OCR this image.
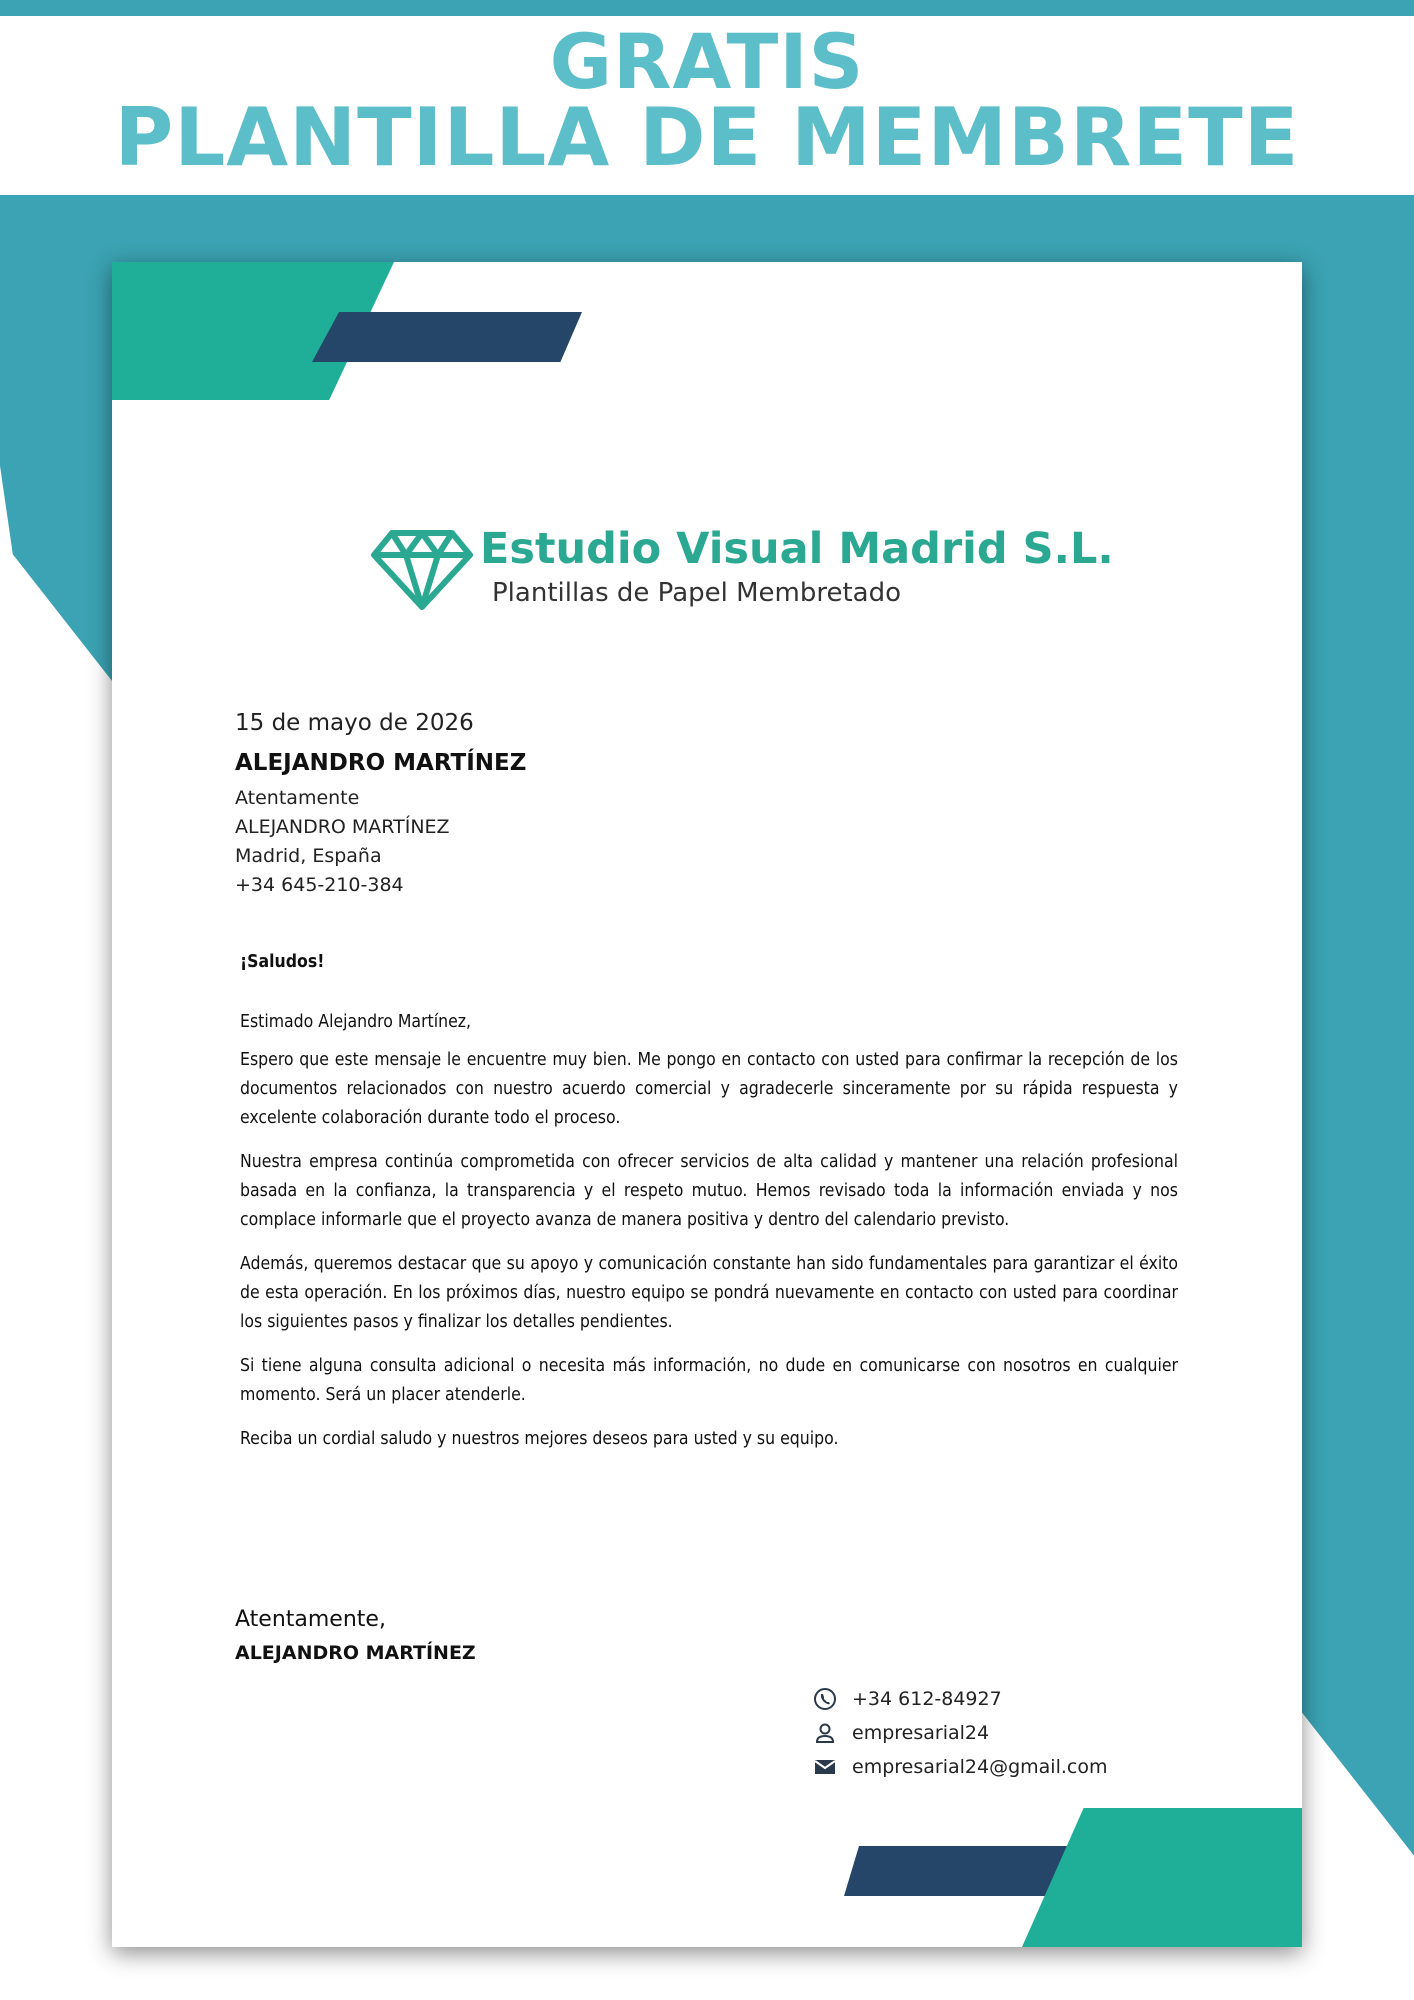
GRATIS
PLANTILLA DE MEMBRETE
Estudio Visual Madrid S.L.
Plantillas de Papel Membretado
15 de mayo de 2026
ALEJANDRO MARTÍNEZ
Atentamente
ALEJANDRO MARTÍNEZ
Madrid, España
+34 645-210-384
¡Saludos!
Estimado Alejandro Martínez,

Espero que este mensaje le encuentre muy bien. Me pongo en contacto con usted para confirmar la recepción de los documentos relacionados con nuestro acuerdo comercial y agradecerle sinceramente por su rápida respuesta y excelente colaboración durante todo el proceso.

Nuestra empresa continúa comprometida con ofrecer servicios de alta calidad y mantener una relación profesional basada en la confianza, la transparencia y el respeto mutuo. Hemos revisado toda la información enviada y nos complace informarle que el proyecto avanza de manera positiva y dentro del calendario previsto.

Además, queremos destacar que su apoyo y comunicación constante han sido fundamentales para garantizar el éxito de esta operación. En los próximos días, nuestro equipo se pondrá nuevamente en contacto con usted para coordinar los siguientes pasos y finalizar los detalles pendientes.

Si tiene alguna consulta adicional o necesita más información, no dude en comunicarse con nosotros en cualquier momento. Será un placer atenderle.

Reciba un cordial saludo y nuestros mejores deseos para usted y su equipo.

Atentamente,
ALEJANDRO MARTÍNEZ
+34 612-84927
empresarial24
empresarial24@gmail.com
